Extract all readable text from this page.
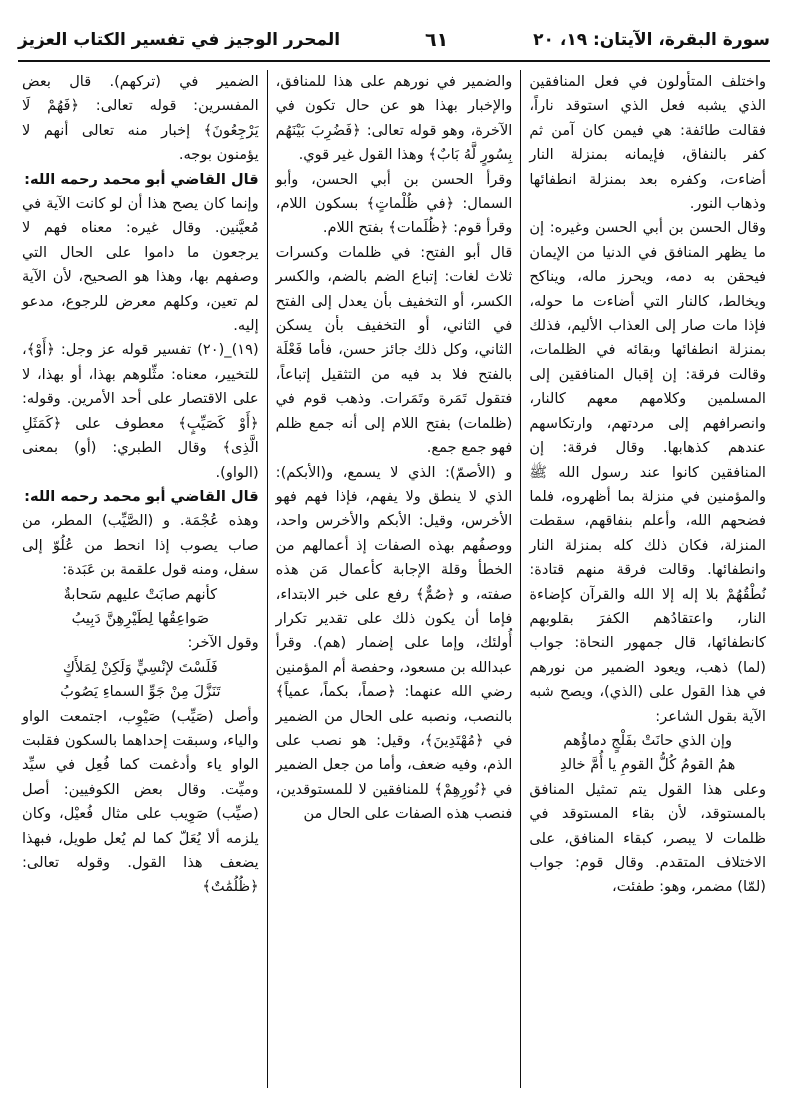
سورة البقرة، الآيتان: ١٩، ٢٠
٦١
المحرر الوجيز في تفسير الكتاب العزيز

واختلف المتأولون في فعل المنافقين الذي يشبه فعل الذي استوقد ناراً، فقالت طائفة: هي فيمن كان آمن ثم كفر بالنفاق، فإيمانه بمنزلة النار أضاءت، وكفره بعد بمنزلة انطفائها وذهاب النور.

وقال الحسن بن أبي الحسن وغيره: إن ما يظهر المنافق في الدنيا من الإيمان فيحقن به دمه، ويحرز ماله، ويناكح ويخالط، كالنار التي أضاءت ما حوله، فإذا مات صار إلى العذاب الأليم، فذلك بمنزلة انطفائها وبقائه في الظلمات، وقالت فرقة: إن إقبال المنافقين إلى المسلمين وكلامهم معهم كالنار، وانصرافهم إلى مردتهم، وارتكاسهم عندهم كذهابها. وقال فرقة: إن المنافقين كانوا عند رسول الله ﷺ والمؤمنين في منزلة بما أظهروه، فلما فضحهم الله، وأعلم بنفاقهم، سقطت المنزلة، فكان ذلك كله بمنزلة النار وانطفائها. وقالت فرقة منهم قتادة: نُطْقُهُمْ بلا إله إلا الله والقرآن كإضاءة النار، واعتقادُهم الكفرَ بقلوبهم كانطفائها، قال جمهور النحاة: جواب (لما) ذهب، ويعود الضمير من نورهم في هذا القول على (الذي)، ويصح شبه الآية بقول الشاعر:

وإن الذي حانَتْ بفَلْجٍ دماؤُهم

همُ القومُ كُلُّ القومِ يا أُمَّ خالدِ

وعلى هذا القول يتم تمثيل المنافق بالمستوقد، لأن بقاء المستوقد في ظلمات لا يبصر، كبقاء المنافق، على الاختلاف المتقدم. وقال قوم: جواب (لمّا) مضمر، وهو: طفئت،

والضمير في نورهم على هذا للمنافق، والإخبار بهذا هو عن حال تكون في الآخرة، وهو قوله تعالى: ﴿فَضُرِبَ بَيْنَهُم بِسُورٍ لَّهُ بَابٌ﴾ وهذا القول غير قوي.

وقرأ الحسن بن أبي الحسن، وأبو السمال: ﴿في ظُلْماتٍ﴾ بسكون اللام، وقرأ قوم: ﴿ظُلَمات﴾ بفتح اللام.

قال أبو الفتح: في ظلمات وكسرات ثلاث لغات: إتباع الضم بالضم، والكسر الكسر، أو التخفيف بأن يعدل إلى الفتح في الثاني، أو التخفيف بأن يسكن الثاني، وكل ذلك جائز حسن، فأما فَعْلَة بالفتح فلا بد فيه من التثقيل إتباعاً، فتقول تَمَرة وتَمَرات. وذهب قوم في (ظلمات) بفتح اللام إلى أنه جمع ظلم فهو جمع جمع.

و (الأصمّ): الذي لا يسمع، و(الأبكم): الذي لا ينطق ولا يفهم، فإذا فهم فهو الأخرس، وقيل: الأبكم والأخرس واحد، ووصفُهم بهذه الصفات إذ أعمالهم من الخطأ وقلة الإجابة كأعمال مَن هذه صفته، و ﴿صُمٌّ﴾ رفع على خبر الابتداء، فإما أن يكون ذلك على تقدير تكرار أُولئك، وإما على إضمار (هم). وقرأ عبدالله بن مسعود، وحفصة أم المؤمنين رضي الله عنهما: ﴿صماً، بكماً، عمياً﴾ بالنصب، ونصبه على الحال من الضمير في ﴿مُهْتَدِينَ﴾، وقيل: هو نصب على الذم، وفيه ضعف، وأما من جعل الضمير في ﴿نُورِهِمْ﴾ للمنافقين لا للمستوقدين، فنصب هذه الصفات على الحال من

الضمير في (تركهم). قال بعض المفسرين: قوله تعالى: ﴿فَهُمْ لَا يَرْجِعُونَ﴾ إخبار منه تعالى أنهم لا يؤمنون بوجه.

قال القاضي أبو محمد رحمه الله:

وإنما كان يصح هذا أن لو كانت الآية في مُعيَّنين. وقال غيره: معناه فهم لا يرجعون ما داموا على الحال التي وصفهم بها، وهذا هو الصحيح، لأن الآية لم تعين، وكلهم معرض للرجوع، مدعو إليه.

(١٩)_(٢٠) تفسير قوله عز وجل: ﴿أَوْ﴾، للتخيير، معناه: مثِّلوهم بهذا، أو بهذا، لا على الاقتصار على أحد الأمرين. وقوله: ﴿أَوْ كَصَيِّبٍ﴾ معطوف على ﴿كَمَثَلِ الَّذِى﴾ وقال الطبري: (أو) بمعنى (الواو).

قال القاضي أبو محمد رحمه الله:

وهذه عُجْمَة. و (الصَّيِّب) المطر، من صاب يصوب إذا انحط من عُلُوّ إلى سفل، ومنه قول علقمة بن عَبَدة:

كأنهم صابَتْ عليهم سَحابةٌ

صَواعِقُها لِطَيْرِهِنَّ دَبِيبُ

وقول الآخر:

فَلَسْتَ لإنْسِيٍّ وَلَكِنْ لِمَلأَكٍ

تَنَزَّلَ مِنْ جَوِّ السماءِ يَصُوبُ

وأصل (صَيِّب) صَيْوِب، اجتمعت الواو والياء، وسبقت إحداهما بالسكون فقلبت الواو ياء وأدغمت كما فُعِل في سيِّد وميِّت. وقال بعض الكوفيين: أصل (صيِّب) صَوِيب على مثال فُعيْل، وكان يلزمه ألا يُعَلّ كما لم يُعل طويل، فبهذا يضعف هذا القول. وقوله تعالى: ﴿ظُلُمَٰتٌ﴾
